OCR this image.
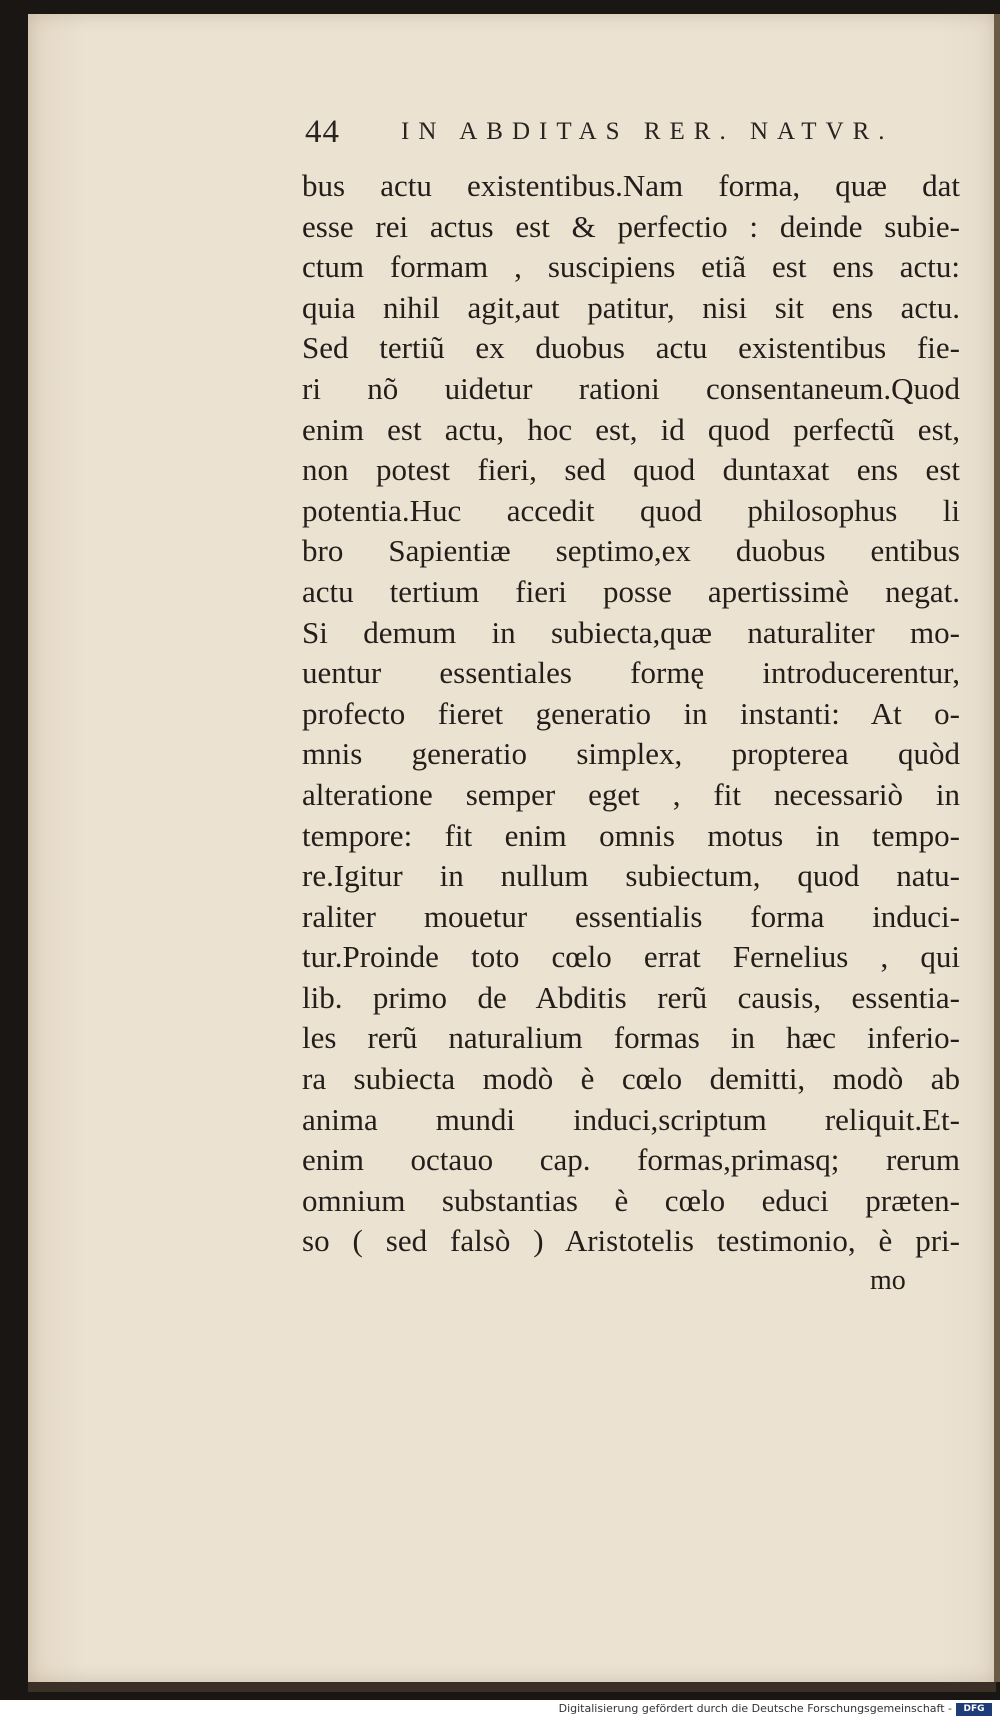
44 IN ABDITAS RER. NATVR.
bus actu existentibus.Nam forma, quæ dat
esse rei actus est & perfectio : deinde subie-
ctum formam , suscipiens etiã est ens actu:
quia nihil agit,aut patitur, nisi sit ens actu.
Sed tertiũ ex duobus actu existentibus fie-
ri nõ uidetur rationi consentaneum.Quod
enim est actu, hoc est, id quod perfectũ est,
non potest fieri, sed quod duntaxat ens est
potentia.Huc accedit quod philosophus li
bro Sapientiæ septimo,ex duobus entibus
actu tertium fieri posse apertissimè negat.
Si demum in subiecta,quæ naturaliter mo-
uentur essentiales formę introducerentur,
profecto fieret generatio in instanti: At o-
mnis generatio simplex, propterea quòd
alteratione semper eget , fit necessariò in
tempore: fit enim omnis motus in tempo-
re.Igitur in nullum subiectum, quod natu-
raliter mouetur essentialis forma induci-
tur.Proinde toto cœlo errat Fernelius , qui
lib. primo de Abditis rerũ causis, essentia-
les rerũ naturalium formas in hæc inferio-
ra subiecta modò è cœlo demitti, modò ab
anima mundi induci,scriptum reliquit.Et-
enim octauo cap. formas,primasq; rerum
omnium substantias è cœlo educi præten-
so ( sed falsò ) Aristotelis testimonio, è pri-
mo
Digitalisierung gefördert durch die Deutsche Forschungsgemeinschaft -	DFG
